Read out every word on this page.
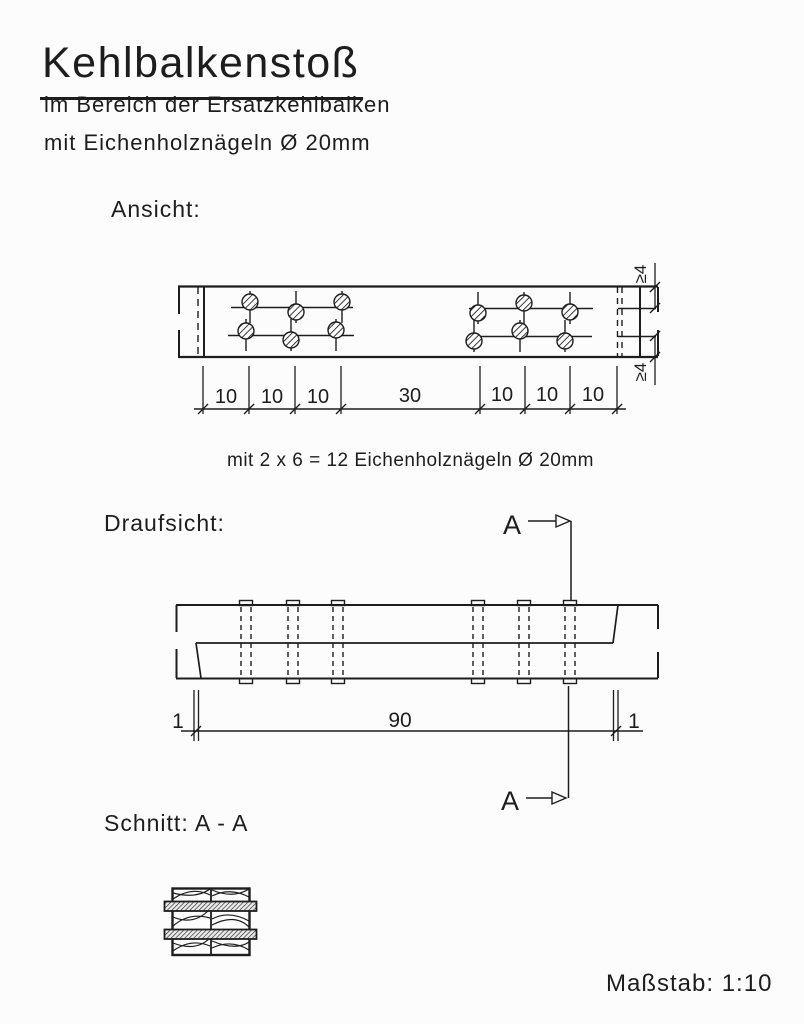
≥4
≥4
10 10 10	30	10 10 10
A
A
1	90	1
Kehlbalkenstoß
im Bereich der Ersatzkehlbalken
mit Eichenholznägeln Ø 20mm
Ansicht:
mit 2 x 6 = 12 Eichenholznägeln Ø 20mm
Draufsicht:
Schnitt: A - A
Maßstab: 1:10
